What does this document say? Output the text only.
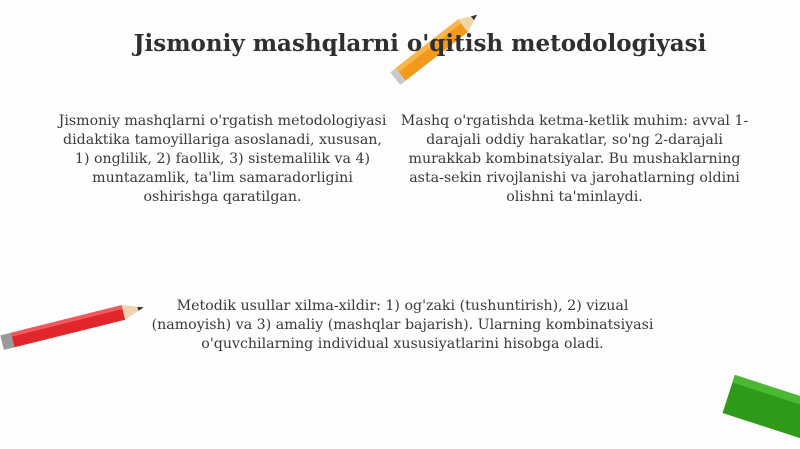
Jismoniy mashqlarni o'qitish metodologiyasi
Jismoniy mashqlarni o'rgatish metodologiyasi didaktika tamoyillariga asoslanadi, xususan, 1) onglilik, 2) faollik, 3) sistemalilik va 4) muntazamlik, ta'lim samaradorligini oshirishga qaratilgan.
Mashq o'rgatishda ketma-ketlik muhim: avval 1-darajali oddiy harakatlar, so'ng 2-darajali murakkab kombinatsiyalar. Bu mushaklarning asta-sekin rivojlanishi va jarohatlarning oldini olishni ta'minlaydi.
Metodik usullar xilma-xildir: 1) og'zaki (tushuntirish), 2) vizual (namoyish) va 3) amaliy (mashqlar bajarish). Ularning kombinatsiyasi o'quvchilarning individual xususiyatlarini hisobga oladi.
